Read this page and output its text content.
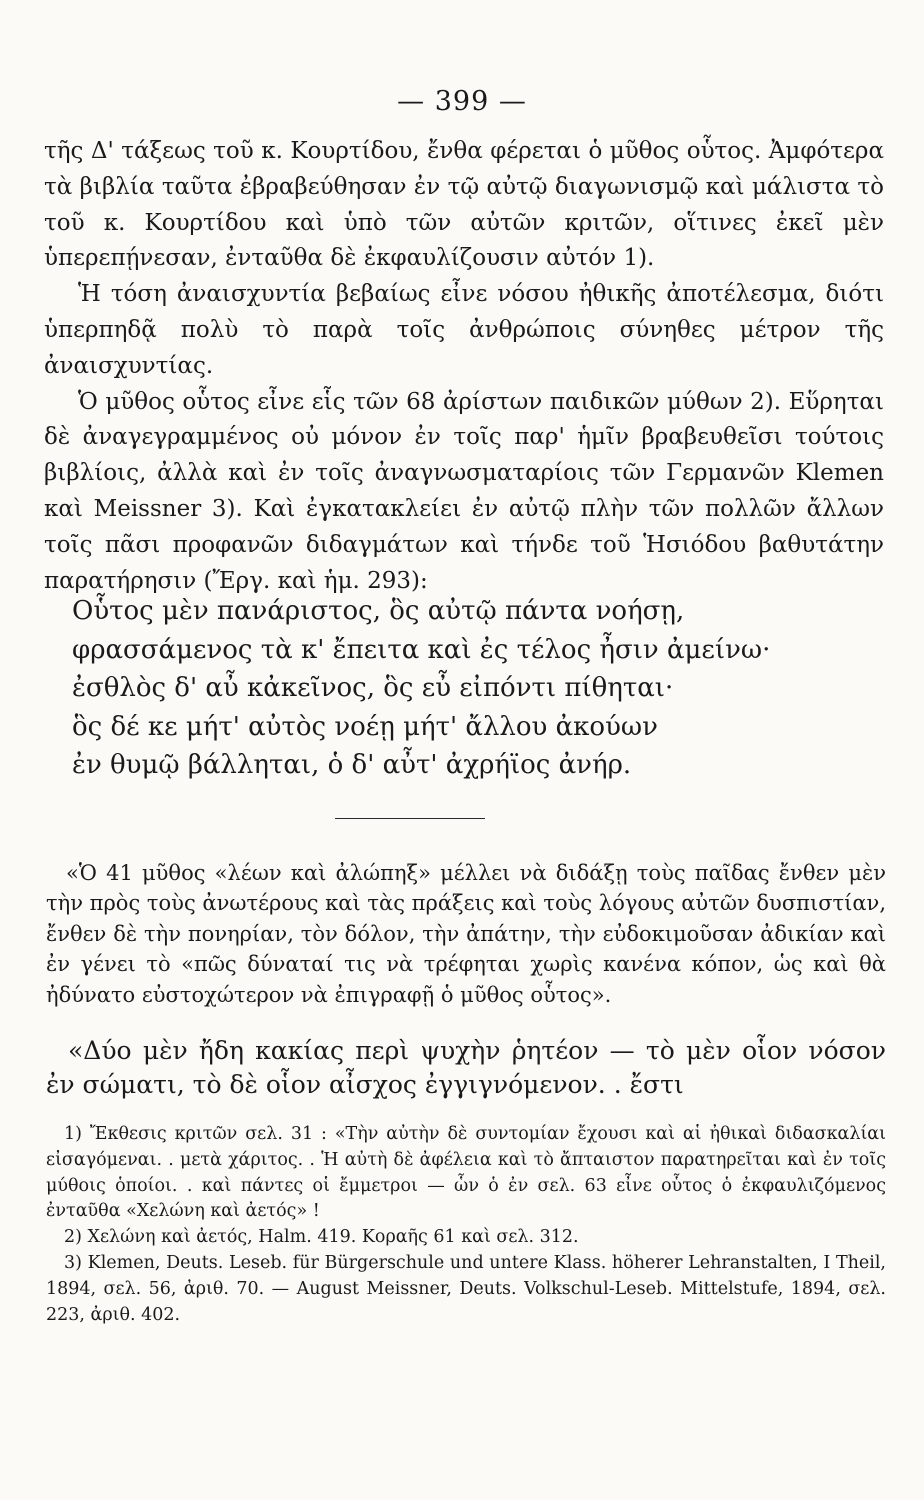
— 399 —

τῆς Δ' τάξεως τοῦ κ. Κουρτίδου, ἔνθα φέρεται ὁ μῦθος οὗτος. Ἀμφότερα τὰ βιβλία ταῦτα ἐβραβεύθησαν ἐν τῷ αὐτῷ διαγωνισμῷ καὶ μάλιστα τὸ τοῦ κ. Κουρτίδου καὶ ὑπὸ τῶν αὐτῶν κριτῶν, οἵτινες ἐκεῖ μὲν ὑπερεπῄνεσαν, ἐνταῦθα δὲ ἐκφαυλίζουσιν αὐτόν 1).

Ἡ τόση ἀναισχυντία βεβαίως εἶνε νόσου ἠθικῆς ἀποτέλεσμα, διότι ὑπερπηδᾷ πολὺ τὸ παρὰ τοῖς ἀνθρώποις σύνηθες μέτρον τῆς ἀναισχυντίας.

Ὁ μῦθος οὗτος εἶνε εἷς τῶν 68 ἀρίστων παιδικῶν μύθων 2). Εὕρηται δὲ ἀναγεγραμμένος οὐ μόνον ἐν τοῖς παρ' ἡμῖν βραβευθεῖσι τούτοις βιβλίοις, ἀλλὰ καὶ ἐν τοῖς ἀναγνωσματαρίοις τῶν Γερμανῶν Klemen καὶ Meissner 3). Καὶ ἐγκατακλείει ἐν αὐτῷ πλὴν τῶν πολλῶν ἄλλων τοῖς πᾶσι προφανῶν διδαγμάτων καὶ τήνδε τοῦ Ἡσιόδου βαθυτάτην παρατήρησιν (Ἔργ. καὶ ἡμ. 293):

Οὗτος μὲν πανάριστος, ὃς αὐτῷ πάντα νοήσῃ,
φρασσάμενος τὰ κ' ἔπειτα καὶ ἐς τέλος ἦσιν ἀμείνω·
ἐσθλὸς δ' αὖ κἀκεῖνος, ὃς εὖ εἰπόντι πίθηται·
ὃς δέ κε μήτ' αὐτὸς νοέῃ μήτ' ἄλλου ἀκούων
ἐν θυμῷ βάλληται, ὁ δ' αὖτ' ἀχρήϊος ἀνήρ.

«Ὁ 41 μῦθος «λέων καὶ ἀλώπηξ» μέλλει νὰ διδάξῃ τοὺς παῖδας ἔνθεν μὲν τὴν πρὸς τοὺς ἀνωτέρους καὶ τὰς πράξεις καὶ τοὺς λόγους αὐτῶν δυσπιστίαν, ἔνθεν δὲ τὴν πονηρίαν, τὸν δόλον, τὴν ἀπάτην, τὴν εὐδοκιμοῦσαν ἀδικίαν καὶ ἐν γένει τὸ «πῶς δύναταί τις νὰ τρέφηται χωρὶς κανένα κόπον, ὡς καὶ θὰ ἠδύνατο εὐστοχώτερον νὰ ἐπιγραφῇ ὁ μῦθος οὗτος».

«Δύο μὲν ἤδη κακίας περὶ ψυχὴν ῥητέον — τὸ μὲν οἷον νόσον ἐν σώματι, τὸ δὲ οἷον αἶσχος ἐγγιγνόμενον. . ἔστι

1) Ἔκθεσις κριτῶν σελ. 31 : «Τὴν αὐτὴν δὲ συντομίαν ἔχουσι καὶ αἱ ἠθικαὶ διδασκαλίαι εἰσαγόμεναι. . μετὰ χάριτος. . Ἡ αὐτὴ δὲ ἀφέλεια καὶ τὸ ἄπταιστον παρατηρεῖται καὶ ἐν τοῖς μύθοις ὁποίοι. . καὶ πάντες οἱ ἔμμετροι — ὧν ὁ ἐν σελ. 63 εἶνε οὗτος ὁ ἐκφαυλιζόμενος ἐνταῦθα «Χελώνη καὶ ἀετός» !

2) Χελώνη καὶ ἀετός, Halm. 419. Κοραῆς 61 καὶ σελ. 312.

3) Klemen, Deuts. Leseb. für Bürgerschule und untere Klass. höherer Lehranstalten, I Theil, 1894, σελ. 56, ἀριθ. 70. — August Meissner, Deuts. Volkschul-Leseb. Mittelstufe, 1894, σελ. 223, ἀριθ. 402.
